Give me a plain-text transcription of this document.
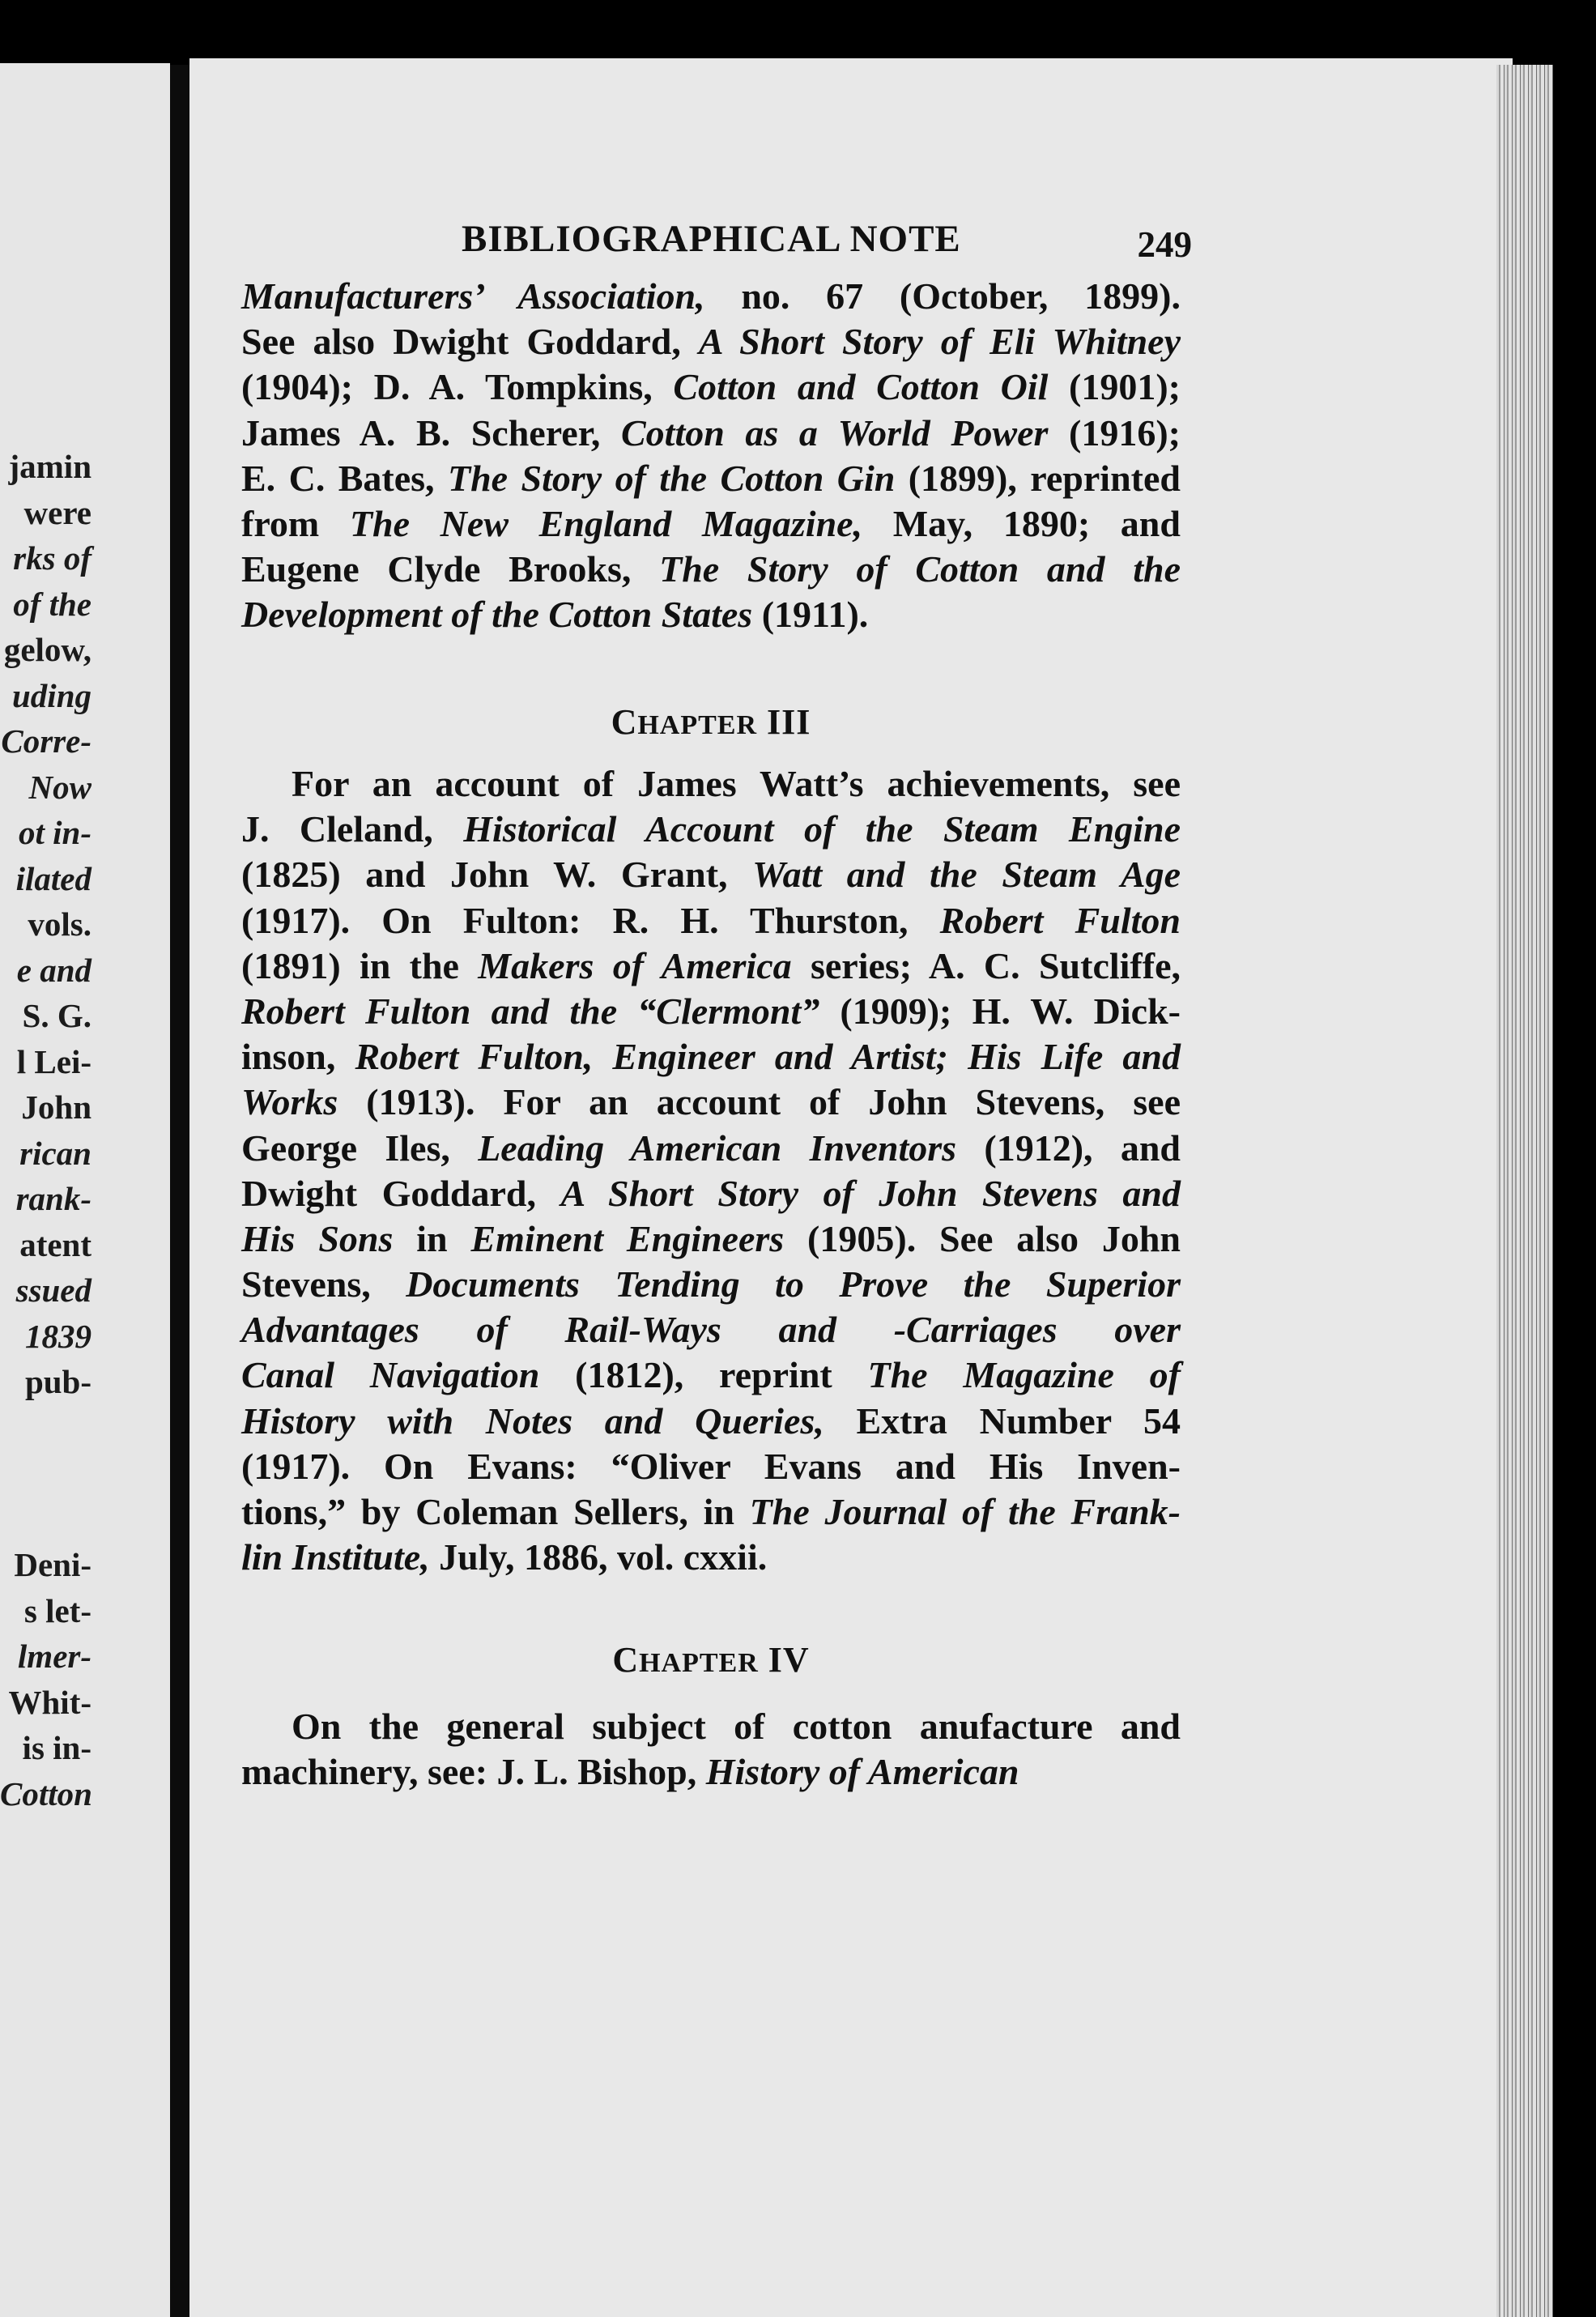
jamin
were
rks of
of the
gelow,
uding
Corre-
Now
ot in-
ilated
vols.
e and
S. G.
l Lei-
John
rican
rank-
atent
ssued
1839
pub-
Deni-
s let-
lmer-
Whit-
is in-
Cotton
BIBLIOGRAPHICAL NOTE	249
Manufacturers’ Association, no. 67 (October, 1899).
See also Dwight Goddard, A Short Story of Eli Whitney
(1904); D. A. Tompkins, Cotton and Cotton Oil (1901);
James A. B. Scherer, Cotton as a World Power (1916);
E. C. Bates, The Story of the Cotton Gin (1899), reprinted
from The New England Magazine, May, 1890; and
Eugene Clyde Brooks, The Story of Cotton and the
Development of the Cotton States (1911).
CHAPTER III
For an account of James Watt’s achievements, see
J. Cleland, Historical Account of the Steam Engine
(1825) and John W. Grant, Watt and the Steam Age
(1917). On Fulton: R. H. Thurston, Robert Fulton
(1891) in the Makers of America series; A. C. Sutcliffe,
Robert Fulton and the “Clermont” (1909); H. W. Dick-
inson, Robert Fulton, Engineer and Artist; His Life and
Works (1913). For an account of John Stevens, see
George Iles, Leading American Inventors (1912), and
Dwight Goddard, A Short Story of John Stevens and
His Sons in Eminent Engineers (1905). See also John
Stevens, Documents Tending to Prove the Superior
Advantages of Rail-Ways and -Carriages over
Canal Navigation (1812), reprint The Magazine of
History with Notes and Queries, Extra Number 54
(1917). On Evans: “Oliver Evans and His Inven-
tions,” by Coleman Sellers, in The Journal of the Frank-
lin Institute, July, 1886, vol. cxxii.
CHAPTER IV
On the general subject of cotton anufacture and
machinery, see: J. L. Bishop, History of American
